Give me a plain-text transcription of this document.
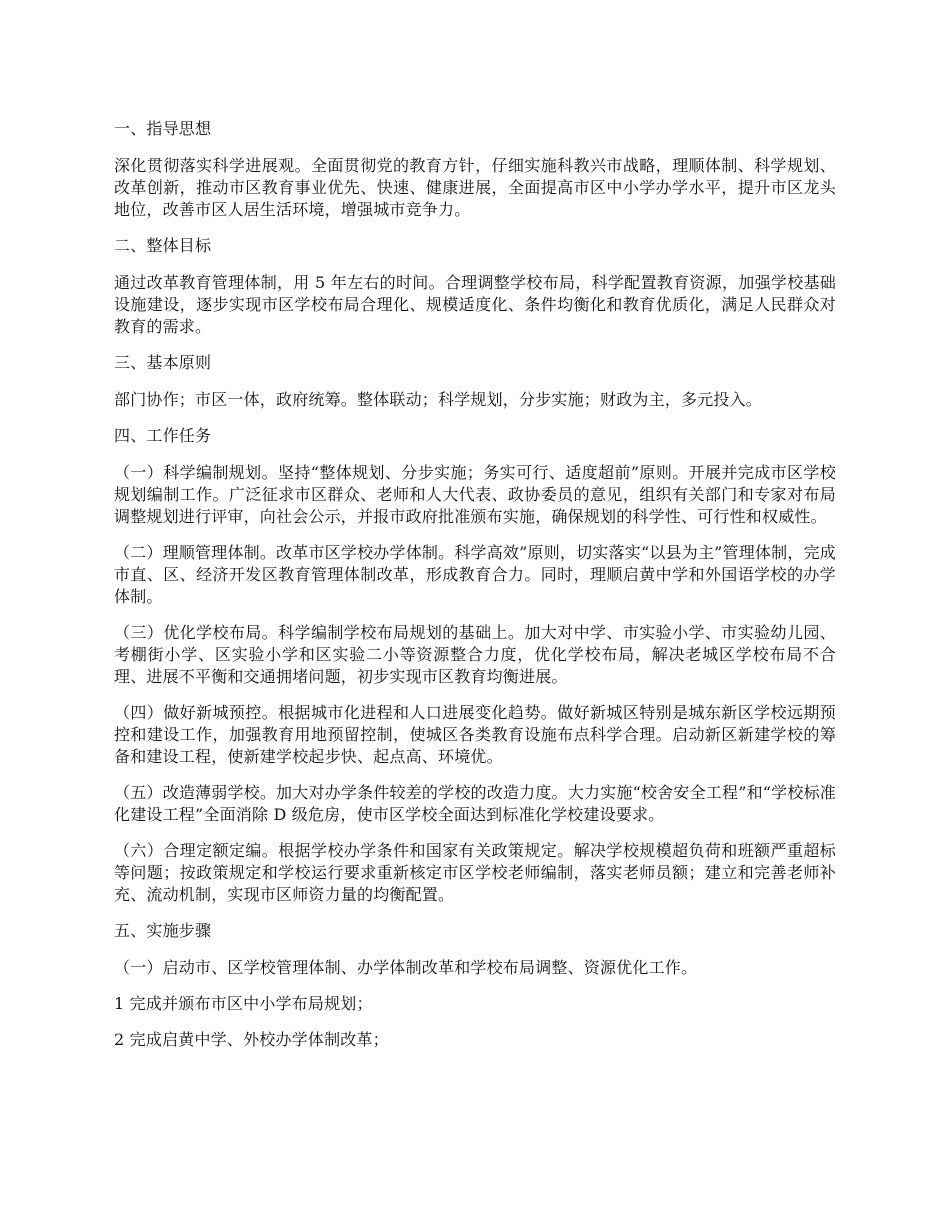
一、指导思想

深化贯彻落实科学进展观。全面贯彻党的教育方针，仔细实施科教兴市战略，理顺体制、科学规划、改革创新，推动市区教育事业优先、快速、健康进展，全面提高市区中小学办学水平，提升市区龙头地位，改善市区人居生活环境，增强城市竞争力。

二、整体目标

通过改革教育管理体制，用 5 年左右的时间。合理调整学校布局，科学配置教育资源，加强学校基础设施建设，逐步实现市区学校布局合理化、规模适度化、条件均衡化和教育优质化，满足人民群众对教育的需求。

三、基本原则

部门协作；市区一体，政府统筹。整体联动；科学规划，分步实施；财政为主，多元投入。

四、工作任务

（一）科学编制规划。坚持“整体规划、分步实施；务实可行、适度超前”原则。开展并完成市区学校规划编制工作。广泛征求市区群众、老师和人大代表、政协委员的意见，组织有关部门和专家对布局调整规划进行评审，向社会公示，并报市政府批准颁布实施，确保规划的科学性、可行性和权威性。

（二）理顺管理体制。改革市区学校办学体制。科学高效”原则，切实落实“以县为主”管理体制，完成市直、区、经济开发区教育管理体制改革，形成教育合力。同时，理顺启黄中学和外国语学校的办学体制。

（三）优化学校布局。科学编制学校布局规划的基础上。加大对中学、市实验小学、市实验幼儿园、考棚街小学、区实验小学和区实验二小等资源整合力度，优化学校布局，解决老城区学校布局不合理、进展不平衡和交通拥堵问题，初步实现市区教育均衡进展。

（四）做好新城预控。根据城市化进程和人口进展变化趋势。做好新城区特别是城东新区学校远期预控和建设工作，加强教育用地预留控制，使城区各类教育设施布点科学合理。启动新区新建学校的筹备和建设工程，使新建学校起步快、起点高、环境优。

（五）改造薄弱学校。加大对办学条件较差的学校的改造力度。大力实施“校舍安全工程”和“学校标准化建设工程”全面消除 D 级危房，使市区学校全面达到标准化学校建设要求。

（六）合理定额定编。根据学校办学条件和国家有关政策规定。解决学校规模超负荷和班额严重超标等问题；按政策规定和学校运行要求重新核定市区学校老师编制，落实老师员额；建立和完善老师补充、流动机制，实现市区师资力量的均衡配置。

五、实施步骤

（一）启动市、区学校管理体制、办学体制改革和学校布局调整、资源优化工作。

1 完成并颁布市区中小学布局规划；

2 完成启黄中学、外校办学体制改革；
